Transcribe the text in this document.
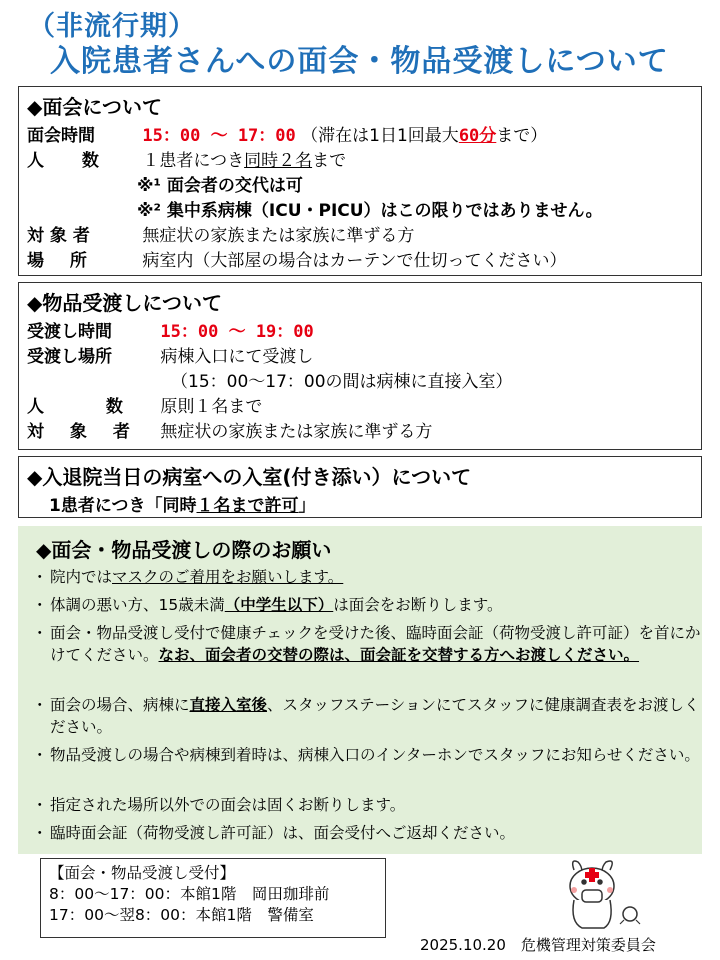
（非流行期）
入院患者さんへの面会・物品受渡しについて
◆面会について
面会時間	15：00 ～ 17：00 （滞在は1日1回最大60分まで）
人 数 １患者につき同時２名まで
※¹ 面会者の交代は可
※² 集中系病棟（ICU・PICU）はこの限りではありません。
対 象 者	無症状の家族または家族に準ずる方
場 所	病室内（大部屋の場合はカーテンで仕切ってください）
◆物品受渡しについて
受渡し時間	15：00 ～ 19：00
受渡し場所	病棟入口にて受渡し
（15：00～17：00の間は病棟に直接入室）
人 数 原則１名まで
対 象 者 無症状の家族または家族に準ずる方
◆入退院当日の病室への入室(付き添い）について
1患者につき「同時１名まで許可」
◆面会・物品受渡しの際のお願い
・ 院内ではマスクのご着用をお願いします。
・ 体調の悪い方、15歳未満（中学生以下）は面会をお断りします。
・ 面会・物品受渡し受付で健康チェックを受けた後、臨時面会証（荷物受渡し許可証）を首にかけてください。なお、面会者の交替の際は、面会証を交替する方へお渡しください。
・ 面会の場合、病棟に直接入室後、スタッフステーションにてスタッフに健康調査表をお渡しください。
・ 物品受渡しの場合や病棟到着時は、病棟入口のインターホンでスタッフにお知らせください。
・ 指定された場所以外での面会は固くお断りします。
・ 臨時面会証（荷物受渡し許可証）は、面会受付へご返却ください。
【面会・物品受渡し受付】
8：00～17：00：本館1階　岡田珈琲前
17：00～翌8：00：本館1階　警備室
2025.10.20　 危機管理対策委員会
